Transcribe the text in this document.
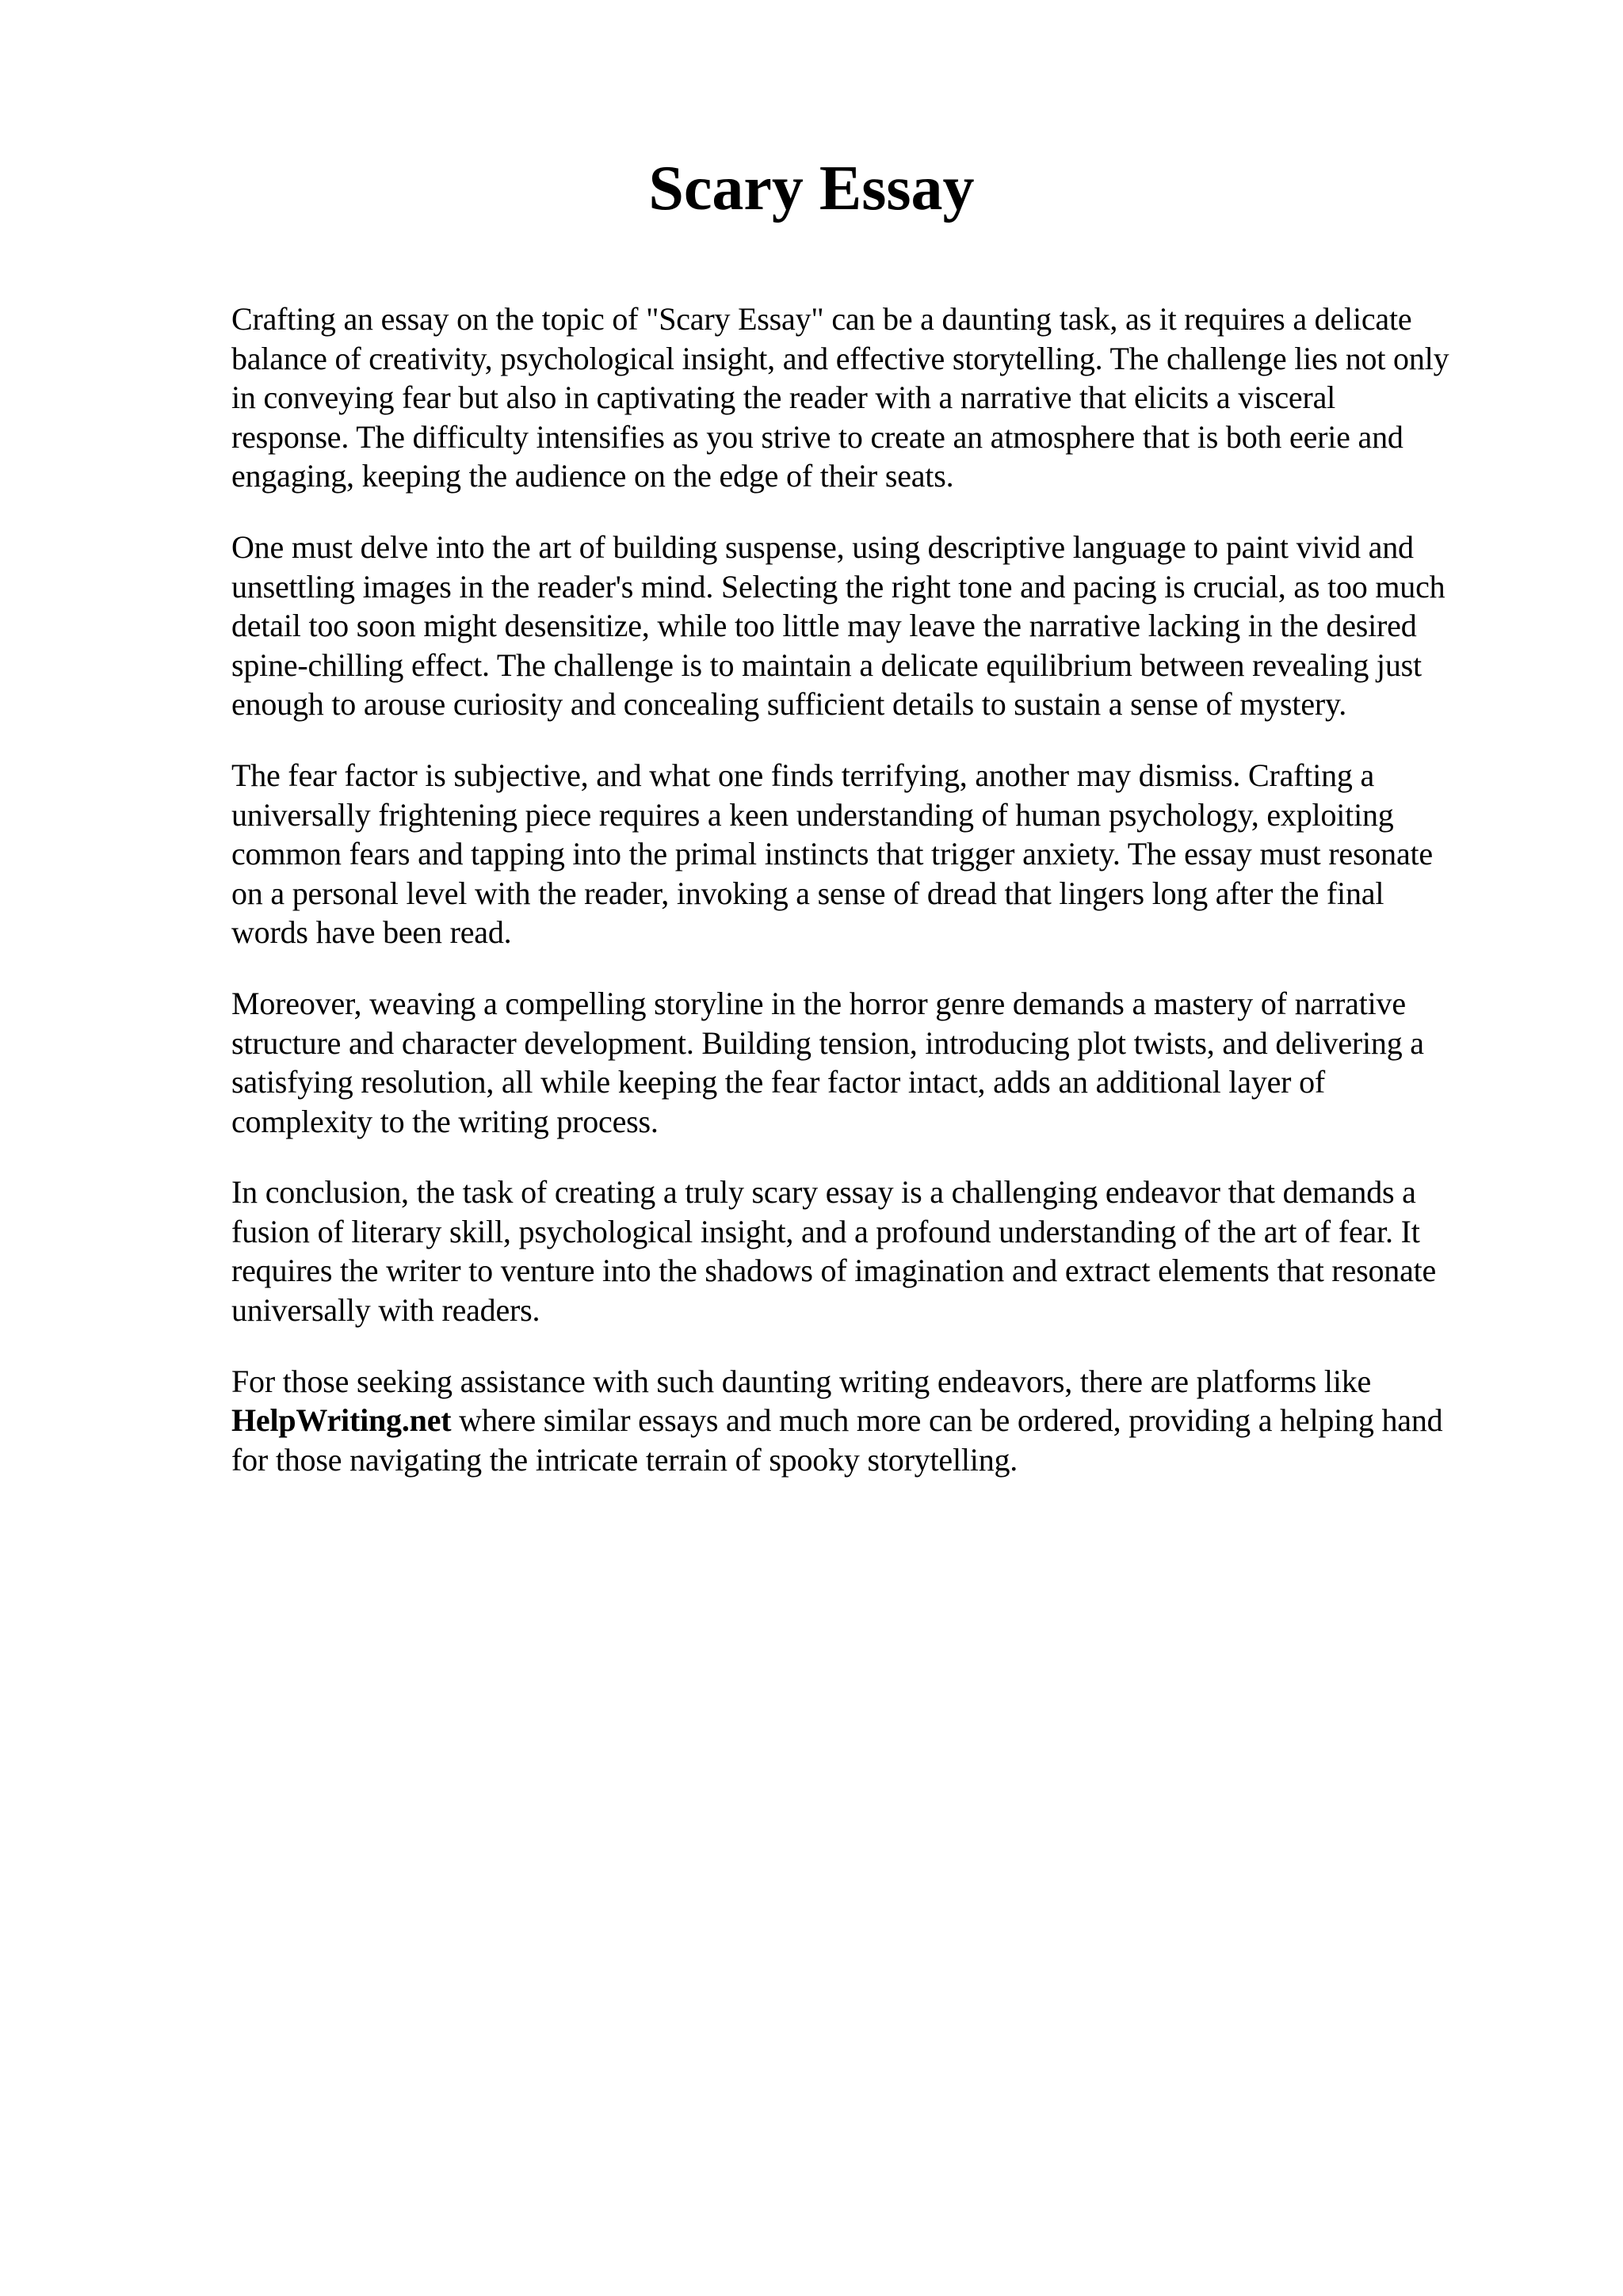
Scary Essay

Crafting an essay on the topic of "Scary Essay" can be a daunting task, as it requires a delicate
balance of creativity, psychological insight, and effective storytelling. The challenge lies not only
in conveying fear but also in captivating the reader with a narrative that elicits a visceral
response. The difficulty intensifies as you strive to create an atmosphere that is both eerie and
engaging, keeping the audience on the edge of their seats.

One must delve into the art of building suspense, using descriptive language to paint vivid and
unsettling images in the reader's mind. Selecting the right tone and pacing is crucial, as too much
detail too soon might desensitize, while too little may leave the narrative lacking in the desired
spine-chilling effect. The challenge is to maintain a delicate equilibrium between revealing just
enough to arouse curiosity and concealing sufficient details to sustain a sense of mystery.

The fear factor is subjective, and what one finds terrifying, another may dismiss. Crafting a
universally frightening piece requires a keen understanding of human psychology, exploiting
common fears and tapping into the primal instincts that trigger anxiety. The essay must resonate
on a personal level with the reader, invoking a sense of dread that lingers long after the final
words have been read.

Moreover, weaving a compelling storyline in the horror genre demands a mastery of narrative
structure and character development. Building tension, introducing plot twists, and delivering a
satisfying resolution, all while keeping the fear factor intact, adds an additional layer of
complexity to the writing process.

In conclusion, the task of creating a truly scary essay is a challenging endeavor that demands a
fusion of literary skill, psychological insight, and a profound understanding of the art of fear. It
requires the writer to venture into the shadows of imagination and extract elements that resonate
universally with readers.

For those seeking assistance with such daunting writing endeavors, there are platforms like
HelpWriting.net where similar essays and much more can be ordered, providing a helping hand
for those navigating the intricate terrain of spooky storytelling.
